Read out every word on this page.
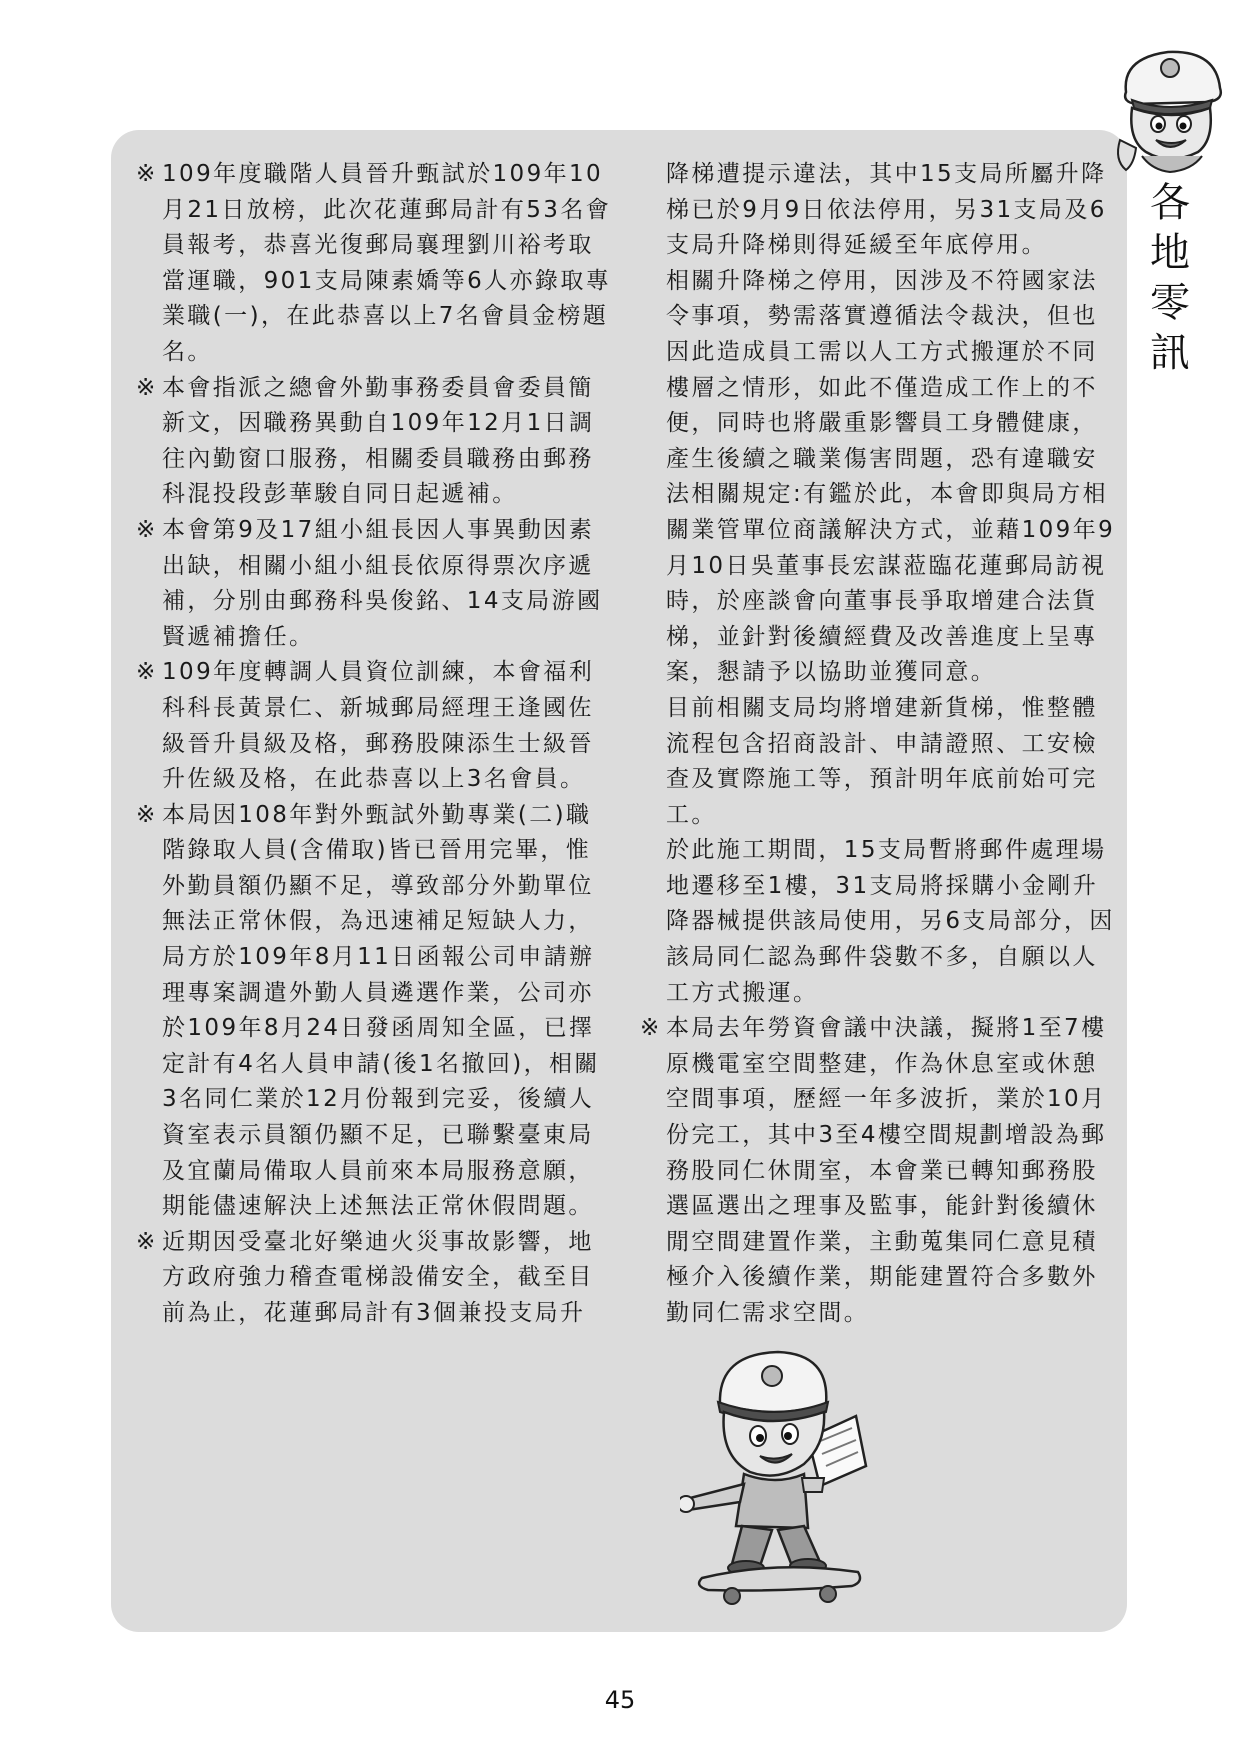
※ 109年度職階人員晉升甄試於109年10月21日放榜，此次花蓮郵局計有53名會員報考，恭喜光復郵局襄理劉川裕考取當運職，901支局陳素嬌等6人亦錄取專業職(一)，在此恭喜以上7名會員金榜題名。

※ 本會指派之總會外勤事務委員會委員簡新文，因職務異動自109年12月1日調往內勤窗口服務，相關委員職務由郵務科混投段彭華駿自同日起遞補。

※ 本會第9及17組小組長因人事異動因素出缺，相關小組小組長依原得票次序遞補，分別由郵務科吳俊銘、14支局游國賢遞補擔任。

※ 109年度轉調人員資位訓練，本會福利科科長黃景仁、新城郵局經理王逢國佐級晉升員級及格，郵務股陳添生士級晉升佐級及格，在此恭喜以上3名會員。

※ 本局因108年對外甄試外勤專業(二)職階錄取人員(含備取)皆已晉用完畢，惟外勤員額仍顯不足，導致部分外勤單位無法正常休假，為迅速補足短缺人力，局方於109年8月11日函報公司申請辦理專案調遣外勤人員遴選作業，公司亦於109年8月24日發函周知全區，已擇定計有4名人員申請(後1名撤回)，相關3名同仁業於12月份報到完妥，後續人資室表示員額仍顯不足，已聯繫臺東局及宜蘭局備取人員前來本局服務意願，期能儘速解決上述無法正常休假問題。

※ 近期因受臺北好樂迪火災事故影響，地方政府強力稽查電梯設備安全，截至目前為止，花蓮郵局計有3個兼投支局升

降梯遭提示違法，其中15支局所屬升降梯已於9月9日依法停用，另31支局及6支局升降梯則得延緩至年底停用。

相關升降梯之停用，因涉及不符國家法令事項，勢需落實遵循法令裁決，但也因此造成員工需以人工方式搬運於不同樓層之情形，如此不僅造成工作上的不便，同時也將嚴重影響員工身體健康，產生後續之職業傷害問題，恐有違職安法相關規定:有鑑於此，本會即與局方相關業管單位商議解決方式，並藉109年9月10日吳董事長宏謀蒞臨花蓮郵局訪視時，於座談會向董事長爭取增建合法貨梯，並針對後續經費及改善進度上呈專案，懇請予以協助並獲同意。

目前相關支局均將增建新貨梯，惟整體流程包含招商設計、申請證照、工安檢查及實際施工等，預計明年底前始可完工。

於此施工期間，15支局暫將郵件處理場地遷移至1樓，31支局將採購小金剛升降器械提供該局使用，另6支局部分，因該局同仁認為郵件袋數不多，自願以人工方式搬運。

※ 本局去年勞資會議中決議，擬將1至7樓原機電室空間整建，作為休息室或休憩空間事項，歷經一年多波折，業於10月份完工，其中3至4樓空間規劃增設為郵務股同仁休閒室，本會業已轉知郵務股選區選出之理事及監事，能針對後續休閒空間建置作業，主動蒐集同仁意見積極介入後續作業，期能建置符合多數外勤同仁需求空間。

各
地
零
訊
45
